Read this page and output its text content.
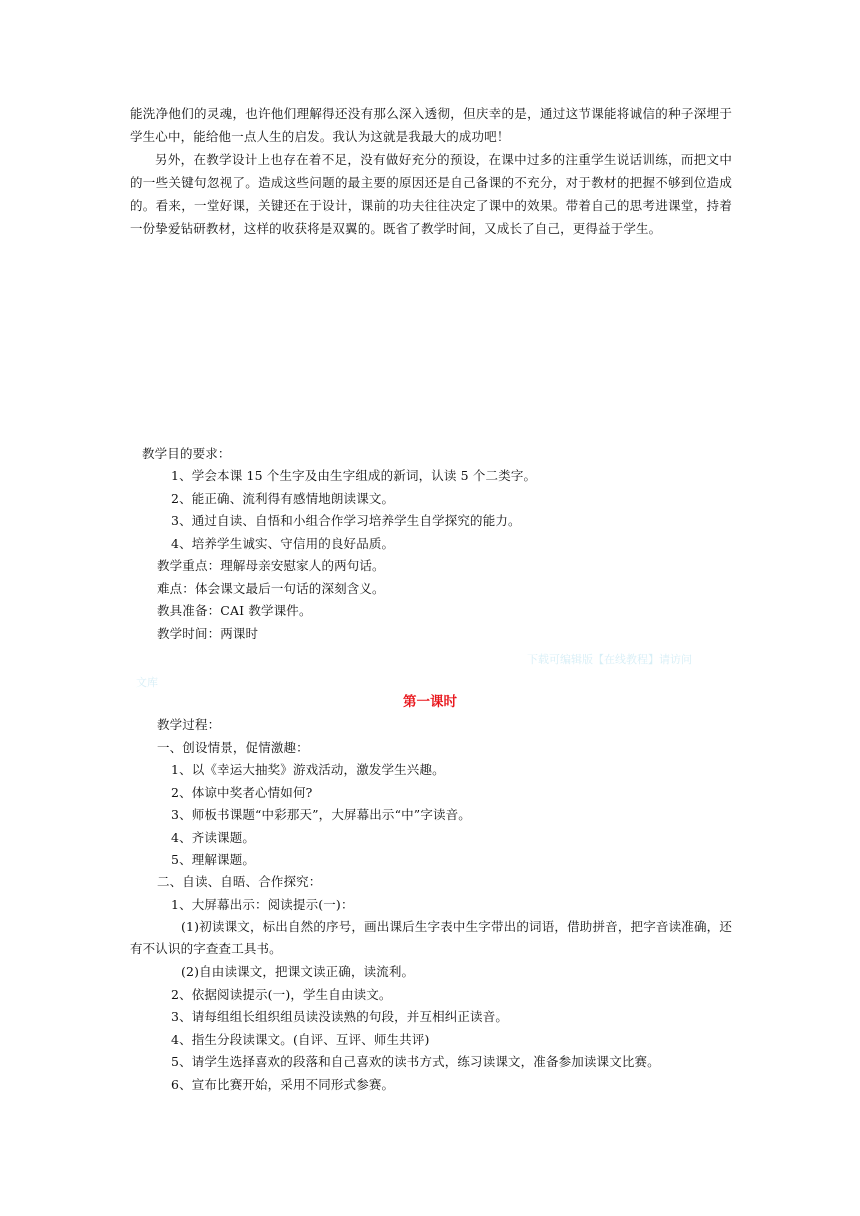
能洗净他们的灵魂，也许他们理解得还没有那么深入透彻，但庆幸的是，通过这节课能将诚信的种子深埋于学生心中，能给他一点人生的启发。我认为这就是我最大的成功吧！

另外，在教学设计上也存在着不足，没有做好充分的预设，在课中过多的注重学生说话训练，而把文中的一些关键句忽视了。造成这些问题的最主要的原因还是自己备课的不充分，对于教材的把握不够到位造成的。看来，一堂好课，关键还在于设计，课前的功夫往往决定了课中的效果。带着自己的思考进课堂，持着一份挚爱钻研教材，这样的收获将是双翼的。既省了教学时间，又成长了自己，更得益于学生。

教学目的要求：

1、学会本课 15 个生字及由生字组成的新词，认读 5 个二类字。

2、能正确、流利得有感情地朗读课文。

3、通过自读、自悟和小组合作学习培养学生自学探究的能力。

4、培养学生诚实、守信用的良好品质。

教学重点：理解母亲安慰家人的两句话。

难点：体会课文最后一句话的深刻含义。

教具准备：CAI 教学课件。

教学时间：两课时

下载可编辑版【在线教程】请访问
文库
第一课时

教学过程：

一、创设情景，促情激趣：

1、以《幸运大抽奖》游戏活动，激发学生兴趣。

2、体谅中奖者心情如何?

3、师板书课题“中彩那天”，大屏幕出示“中”字读音。

4、齐读课题。

5、理解课题。

二、自读、自晤、合作探究：

1、大屏幕出示：阅读提示(一)：

(1)初读课文，标出自然的序号，画出课后生字表中生字带出的词语，借助拼音，把字音读准确，还有不认识的字查查工具书。

(2)自由读课文，把课文读正确，读流利。

2、依据阅读提示(一)，学生自由读文。

3、请每组组长组织组员读没读熟的句段，并互相纠正读音。

4、指生分段读课文。(自评、互评、师生共评)

5、请学生选择喜欢的段落和自己喜欢的读书方式，练习读课文，准备参加读课文比赛。

6、宣布比赛开始，采用不同形式参赛。
